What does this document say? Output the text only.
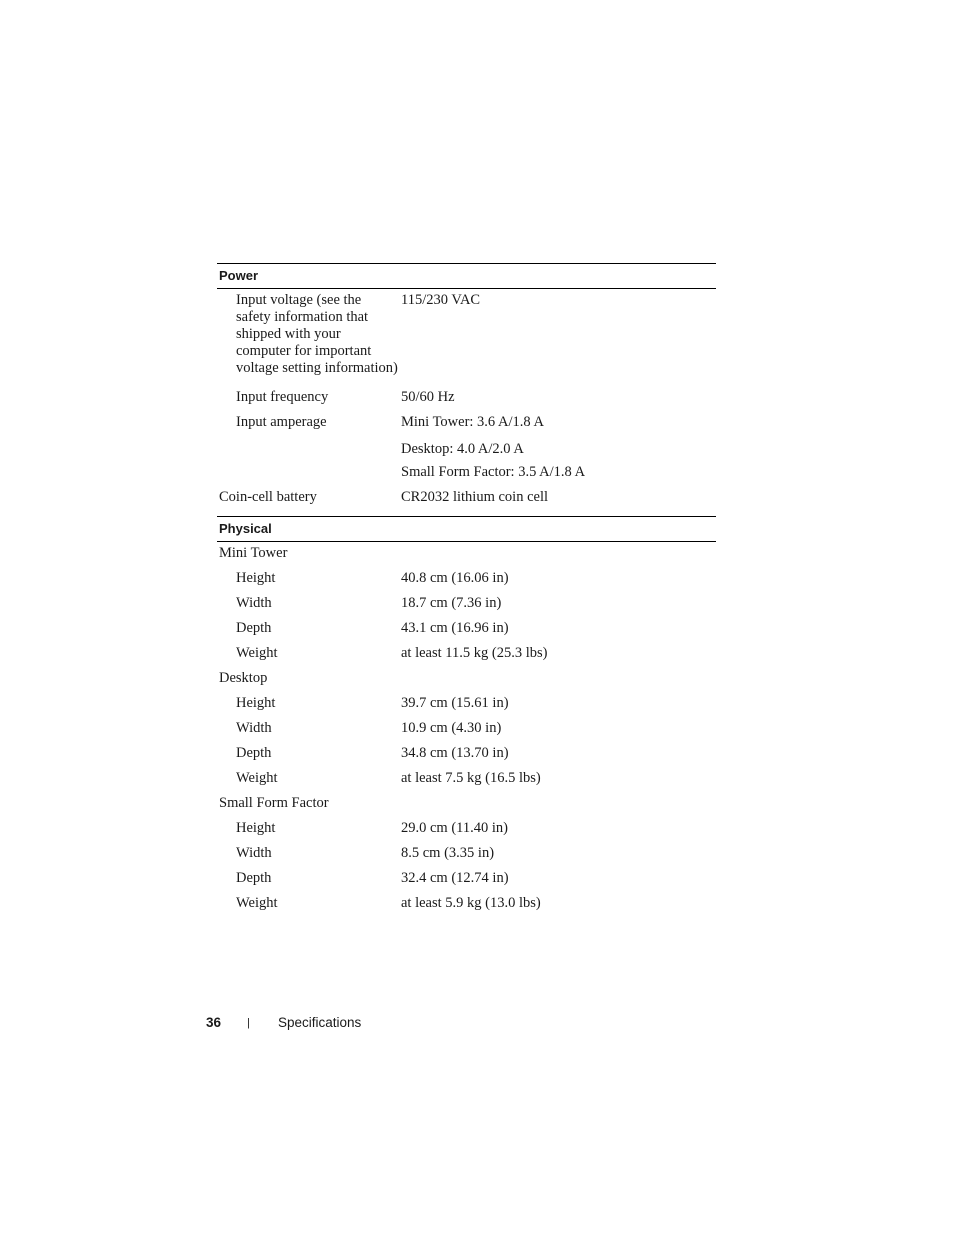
Power	
Input voltage (see the safety information that shipped with your computer for important voltage setting information)	115/230 VAC
Input frequency	50/60 Hz
Input amperage	Mini Tower: 3.6 A/1.8 A
	Desktop: 4.0 A/2.0 A
	Small Form Factor: 3.5 A/1.8 A
Coin-cell battery	CR2032 lithium coin cell
Physical	
Mini Tower	
Height	40.8 cm (16.06 in)
Width	18.7 cm (7.36 in)
Depth	43.1 cm (16.96 in)
Weight	at least 11.5 kg (25.3 lbs)
Desktop	
Height	39.7 cm (15.61 in)
Width	10.9 cm (4.30 in)
Depth	34.8 cm (13.70 in)
Weight	at least 7.5 kg (16.5 lbs)
Small Form Factor	
Height	29.0 cm (11.40 in)
Width	8.5 cm (3.35 in)
Depth	32.4 cm (12.74 in)
Weight	at least 5.9 kg (13.0 lbs)
36 | Specifications
